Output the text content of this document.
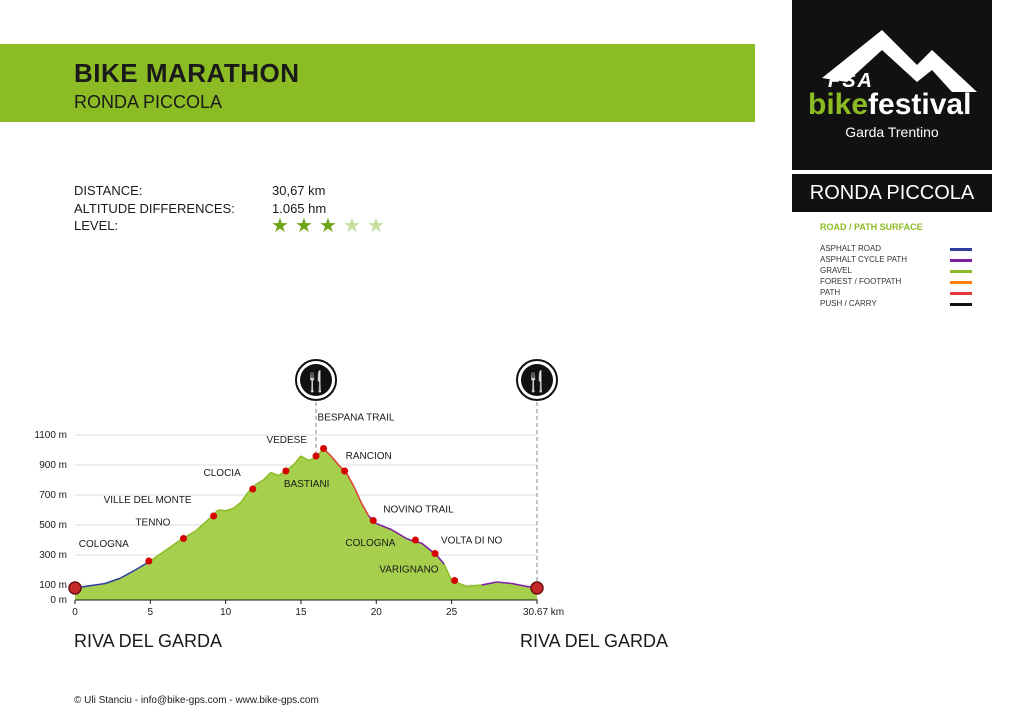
BIKE MARATHON
RONDA PICCOLA
FSA
bikefestival
Garda Trentino
RONDA PICCOLA
ROAD / PATH SURFACE
ASPHALT ROAD
ASPHALT CYCLE PATH
GRAVEL
FOREST / FOOTPATH
PATH
PUSH / CARRY
DISTANCE:	30,67 km
ALTITUDE DIFFERENCES:	1.065 hm
LEVEL:	★ ★ ★ ★ ★
0 m
100 m
300 m
500 m
700 m
900 m
1100 m
0	5	10	15	20	25	30.67 km
🍴	🍴
COLOGNA
TENNO
VILLE DEL MONTE
CLOCIA
BASTIANI
VEDESE
BESPANA TRAIL
RANCION
NOVINO TRAIL
COLOGNA	VOLTA DI NO
VARIGNANO
RIVA DEL GARDA	RIVA DEL GARDA
© Uli Stanciu - info@bike-gps.com - www.bike-gps.com
